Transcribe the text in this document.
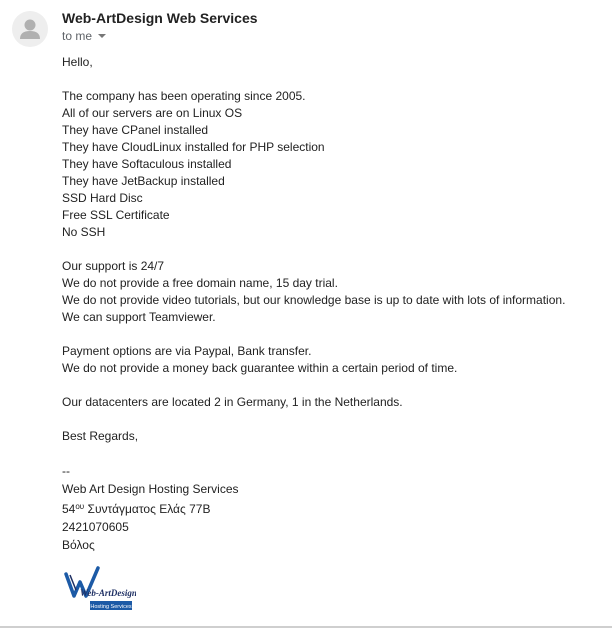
Web-ArtDesign Web Services
to me
Hello,
The company has been operating since 2005.
All of our servers are on Linux OS
They have CPanel installed
They have CloudLinux installed for PHP selection
They have Softaculous installed
They have JetBackup installed
SSD Hard Disc
Free SSL Certificate
No SSH
Our support is 24/7
We do not provide a free domain name, 15 day trial.
We do not provide video tutorials, but our knowledge base is up to date with lots of information.
We can support Teamviewer.
Payment options are via Paypal, Bank transfer.
We do not provide a money back guarantee within a certain period of time.
Our datacenters are located 2 in Germany, 1 in the Netherlands.
Best Regards,
--
Web Art Design Hosting Services
$54^{o\upsilon}$ Συντάγματος Ελάς 77Β
2421070605
Βόλος
Web-ArtDesign
Hosting Services
